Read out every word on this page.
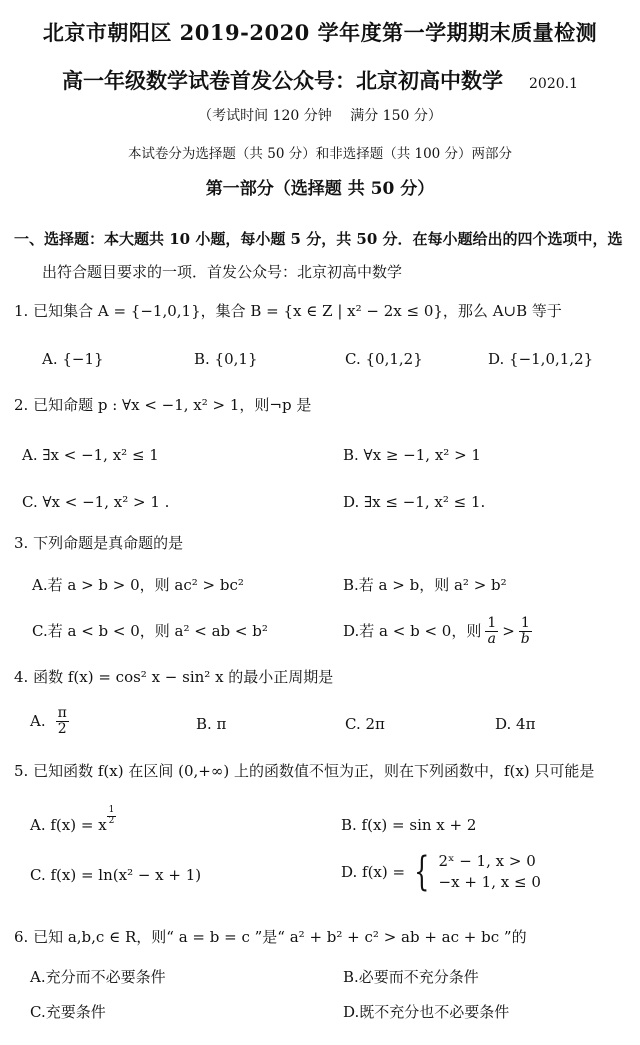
北京市朝阳区 2019-2020 学年度第一学期期末质量检测
高一年级数学试卷首发公众号：北京初高中数学 2020.1
（考试时间 120 分钟　 满分 150 分）
本试卷分为选择题（共 50 分）和非选择题（共 100 分）两部分
第一部分（选择题 共 50 分）
一、选择题：本大题共 10 小题，每小题 5 分，共 50 分．在每小题给出的四个选项中，选
出符合题目要求的一项．首发公众号：北京初高中数学
1. 已知集合 A = {−1,0,1}，集合 B = {x ∈ Z | x² − 2x ≤ 0}，那么 A∪B 等于
A. {−1}	B. {0,1}	C. {0,1,2}	D. {−1,0,1,2}
2. 已知命题 p : ∀x < −1, x² > 1，则¬p 是
A. ∃x < −1, x² ≤ 1	B. ∀x ≥ −1, x² > 1
C. ∀x < −1, x² > 1 .	D. ∃x ≤ −1, x² ≤ 1.
3. 下列命题是真命题的是
A.若 a > b > 0，则 ac² > bc²	B.若 a > b，则 a² > b²
C.若 a < b < 0，则 a² < ab < b²	D.若 a < b < 0，则 $\frac{1}{a} > \frac{1}{b}$
4. 函数 f(x) = cos² x − sin² x 的最小正周期是
A. $\frac{\pi}{2}$	B. π	C. 2π	D. 4π
5. 已知函数 f(x) 在区间 (0,+∞) 上的函数值不恒为正，则在下列函数中，f(x) 只可能是
A. f(x) = x $\frac{1}{2}$	B. f(x) = sin x + 2
C. f(x) = ln(x² − x + 1)	D. f(x) = { 2ˣ − 1, x > 0
−x + 1, x ≤ 0
6. 已知 a,b,c ∈ R，则“ a = b = c ”是“ a² + b² + c² > ab + ac + bc ”的
A.充分而不必要条件	B.必要而不充分条件
C.充要条件	D.既不充分也不必要条件
